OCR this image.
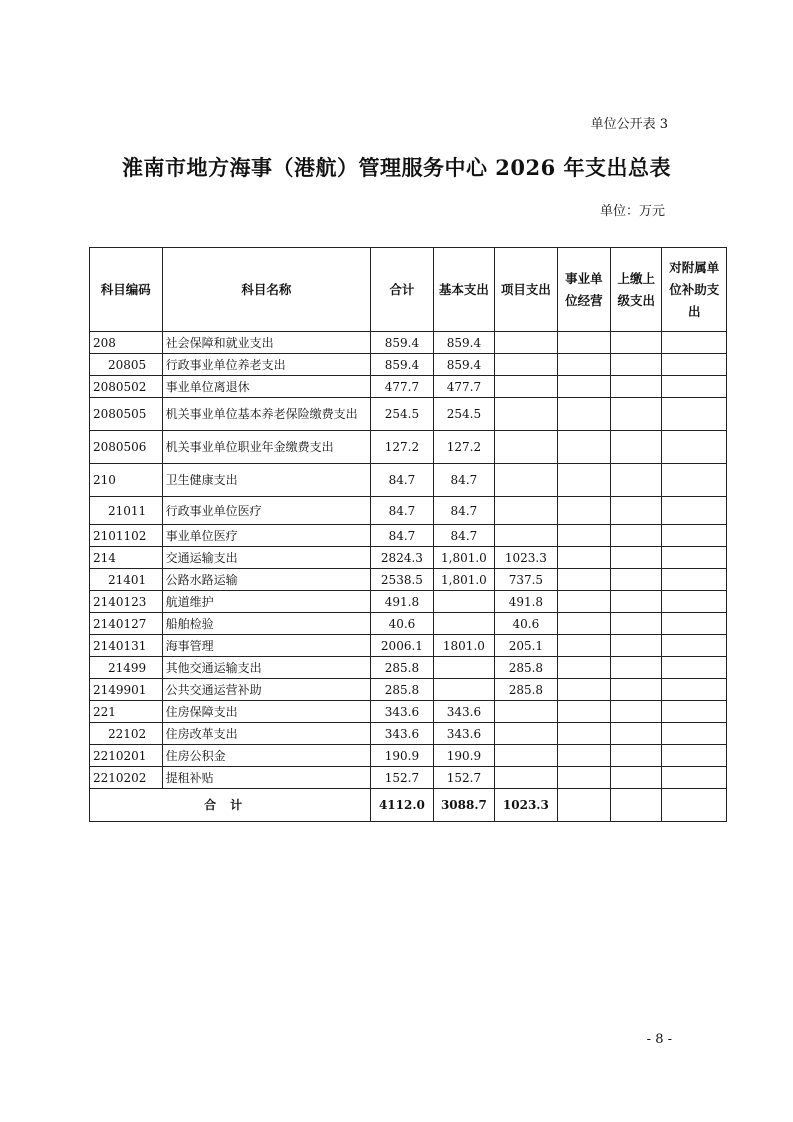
单位公开表 3
淮南市地方海事（港航）管理服务中心 2026 年支出总表
单位：万元
科目编码	科目名称	合计	基本支出	项目支出	事业单位经营	上缴上级支出	对附属单位补助支出
208	社会保障和就业支出	859.4	859.4				
20805	行政事业单位养老支出	859.4	859.4				
2080502	事业单位离退休	477.7	477.7				
2080505	机关事业单位基本养老保险缴费支出	254.5	254.5				
2080506	机关事业单位职业年金缴费支出	127.2	127.2				
210	卫生健康支出	84.7	84.7				
21011	行政事业单位医疗	84.7	84.7				
2101102	事业单位医疗	84.7	84.7				
214	交通运输支出	2824.3	1,801.0	1023.3			
21401	公路水路运输	2538.5	1,801.0	737.5			
2140123	航道维护	491.8		491.8			
2140127	船舶检验	40.6		40.6			
2140131	海事管理	2006.1	1801.0	205.1			
21499	其他交通运输支出	285.8		285.8			
2149901	公共交通运营补助	285.8		285.8			
221	住房保障支出	343.6	343.6				
22102	住房改革支出	343.6	343.6				
2210201	住房公积金	190.9	190.9				
2210202	提租补贴	152.7	152.7				
合计		4112.0	3088.7	1023.3			
- 8 -
